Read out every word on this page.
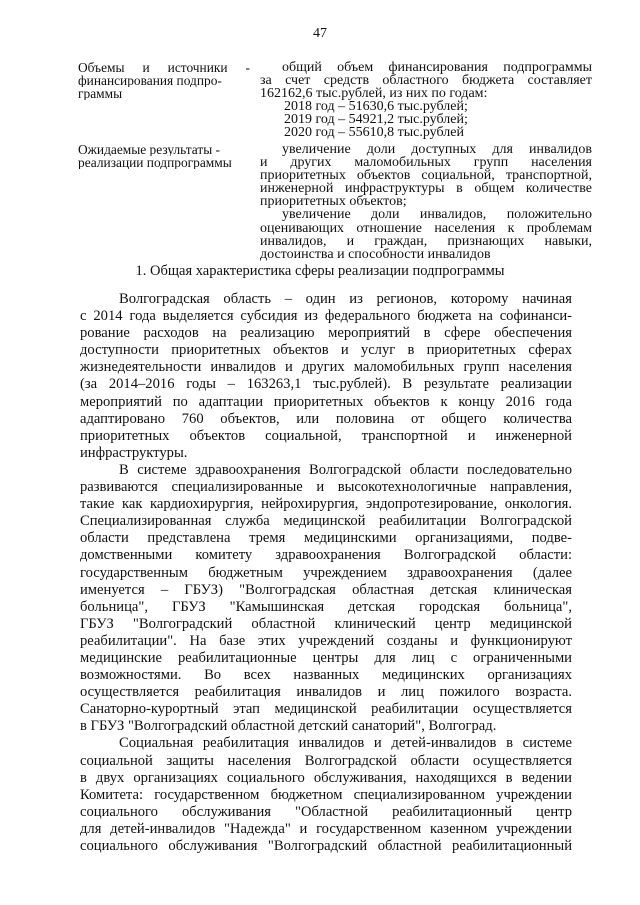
47
Объемы и источники -
финансирования подпро-
граммы
общий объем финансирования подпрограммы
за счет средств областного бюджета составляет
162162,6 тыс.рублей, из них по годам:
2018 год – 51630,6 тыс.рублей;
2019 год – 54921,2 тыс.рублей;
2020 год – 55610,8 тыс.рублей
Ожидаемые результаты -
реализации подпрограммы
увеличение доли доступных для инвалидов
и других маломобильных групп населения
приоритетных объектов социальной, транспортной,
инженерной инфраструктуры в общем количестве
приоритетных объектов;
увеличение доли инвалидов, положительно
оценивающих отношение населения к проблемам
инвалидов, и граждан, признающих навыки,
достоинства и способности инвалидов
1. Общая характеристика сферы реализации подпрограммы
Волгоградская область – один из регионов, которому начиная
с 2014 года выделяется субсидия из федерального бюджета на софинанси-
рование расходов на реализацию мероприятий в сфере обеспечения
доступности приоритетных объектов и услуг в приоритетных сферах
жизнедеятельности инвалидов и других маломобильных групп населения
(за 2014–2016 годы – 163263,1 тыс.рублей). В результате реализации
мероприятий по адаптации приоритетных объектов к концу 2016 года
адаптировано 760 объектов, или половина от общего количества
приоритетных объектов социальной, транспортной и инженерной
инфраструктуры.
В системе здравоохранения Волгоградской области последовательно
развиваются специализированные и высокотехнологичные направления,
такие как кардиохирургия, нейрохирургия, эндопротезирование, онкология.
Специализированная служба медицинской реабилитации Волгоградской
области представлена тремя медицинскими организациями, подве-
домственными комитету здравоохранения Волгоградской области:
государственным бюджетным учреждением здравоохранения (далее
именуется – ГБУЗ) "Волгоградская областная детская клиническая
больница", ГБУЗ "Камышинская детская городская больница",
ГБУЗ "Волгоградский областной клинический центр медицинской
реабилитации". На базе этих учреждений созданы и функционируют
медицинские реабилитационные центры для лиц с ограниченными
возможностями. Во всех названных медицинских организациях
осуществляется реабилитация инвалидов и лиц пожилого возраста.
Санаторно-курортный этап медицинской реабилитации осуществляется
в ГБУЗ "Волгоградский областной детский санаторий", Волгоград.
Социальная реабилитация инвалидов и детей-инвалидов в системе
социальной защиты населения Волгоградской области осуществляется
в двух организациях социального обслуживания, находящихся в ведении
Комитета: государственном бюджетном специализированном учреждении
социального обслуживания "Областной реабилитационный центр
для детей-инвалидов "Надежда" и государственном казенном учреждении
социального обслуживания "Волгоградский областной реабилитационный
